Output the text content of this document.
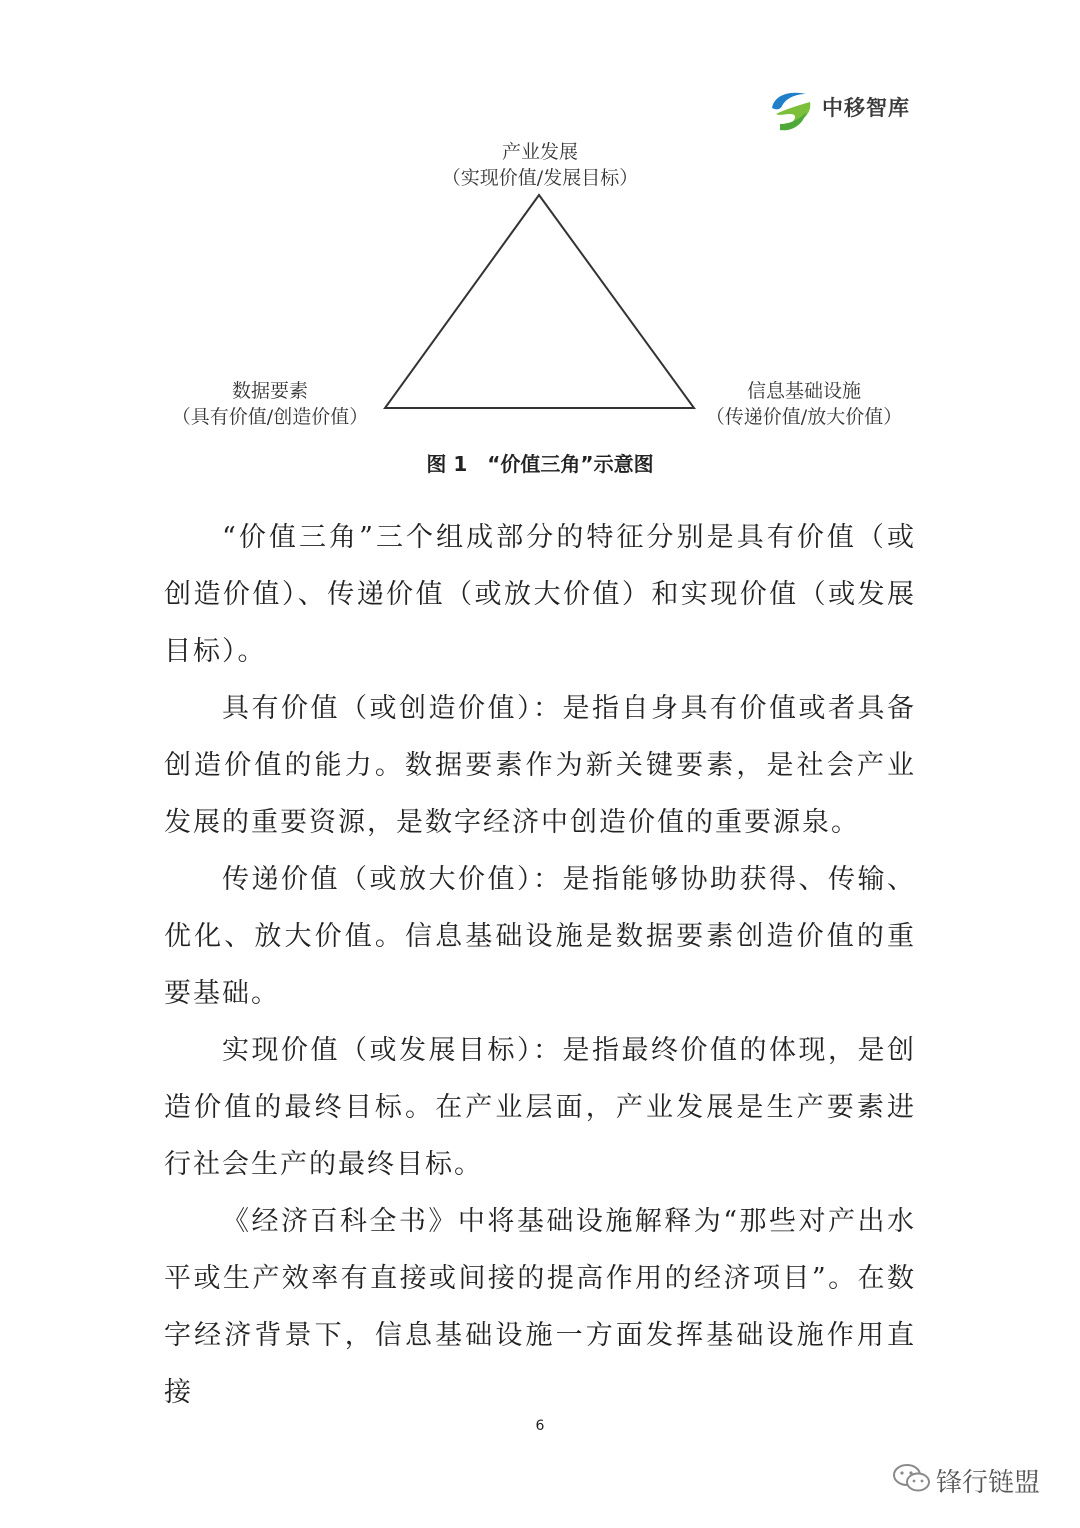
中移智库
产业发展
（实现价值/发展目标）
数据要素
（具有价值/创造价值）
信息基础设施
（传递价值/放大价值）
图 1　“价值三角”示意图

“价值三角”三个组成部分的特征分别是具有价值（或创造价值）、传递价值（或放大价值）和实现价值（或发展目标）。

具有价值（或创造价值）：是指自身具有价值或者具备创造价值的能力。数据要素作为新关键要素，是社会产业发展的重要资源，是数字经济中创造价值的重要源泉。

传递价值（或放大价值）：是指能够协助获得、传输、优化、放大价值。信息基础设施是数据要素创造价值的重要基础。

实现价值（或发展目标）：是指最终价值的体现，是创造价值的最终目标。在产业层面，产业发展是生产要素进行社会生产的最终目标。

《经济百科全书》中将基础设施解释为“那些对产出水平或生产效率有直接或间接的提高作用的经济项目”。在数字经济背景下，信息基础设施一方面发挥基础设施作用直接

6
锋行链盟
